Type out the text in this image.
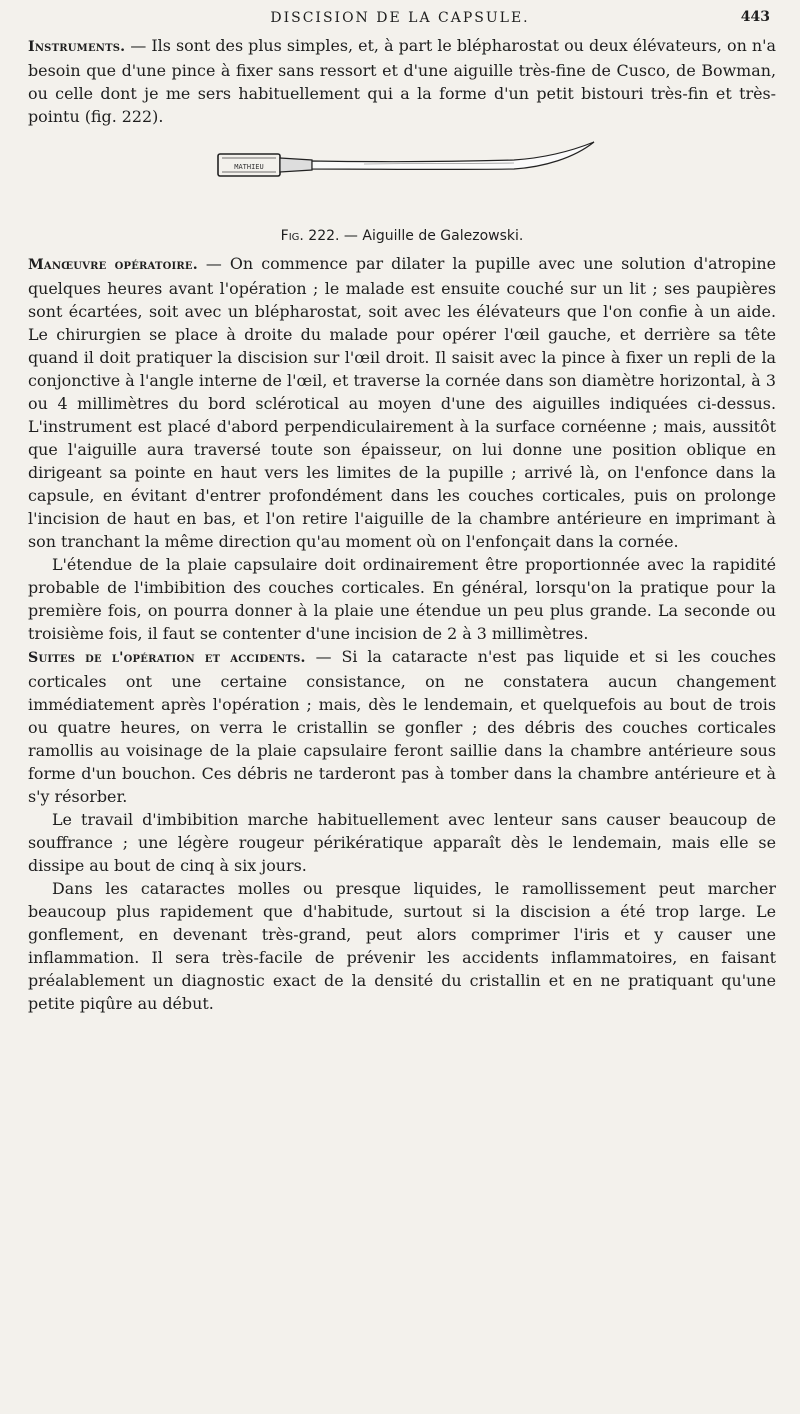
DISCISION DE LA CAPSULE.	443

Instruments. — Ils sont des plus simples, et, à part le blépharostat ou deux élévateurs, on n'a besoin que d'une pince à fixer sans ressort et d'une aiguille très-fine de Cusco, de Bowman, ou celle dont je me sers habituellement qui a la forme d'un petit bistouri très-fin et très-pointu (fig. 222).

MATHIEU
Fig. 222. — Aiguille de Galezowski.

Manœuvre opératoire. — On commence par dilater la pupille avec une solution d'atropine quelques heures avant l'opération ; le malade est ensuite couché sur un lit ; ses paupières sont écartées, soit avec un blépharostat, soit avec les élévateurs que l'on confie à un aide. Le chirurgien se place à droite du malade pour opérer l'œil gauche, et derrière sa tête quand il doit pratiquer la discision sur l'œil droit. Il saisit avec la pince à fixer un repli de la conjonctive à l'angle interne de l'œil, et traverse la cornée dans son diamètre horizontal, à 3 ou 4 millimètres du bord sclérotical au moyen d'une des aiguilles indiquées ci-dessus. L'instrument est placé d'abord perpendiculairement à la surface cornéenne ; mais, aussitôt que l'aiguille aura traversé toute son épaisseur, on lui donne une position oblique en dirigeant sa pointe en haut vers les limites de la pupille ; arrivé là, on l'enfonce dans la capsule, en évitant d'entrer profondément dans les couches corticales, puis on prolonge l'incision de haut en bas, et l'on retire l'aiguille de la chambre antérieure en imprimant à son tranchant la même direction qu'au moment où on l'enfonçait dans la cornée.

L'étendue de la plaie capsulaire doit ordinairement être proportionnée avec la rapidité probable de l'imbibition des couches corticales. En général, lorsqu'on la pratique pour la première fois, on pourra donner à la plaie une étendue un peu plus grande. La seconde ou troisième fois, il faut se contenter d'une incision de 2 à 3 millimètres.

Suites de l'opération et accidents. — Si la cataracte n'est pas liquide et si les couches corticales ont une certaine consistance, on ne constatera aucun changement immédiatement après l'opération ; mais, dès le lendemain, et quelquefois au bout de trois ou quatre heures, on verra le cristallin se gonfler ; des débris des couches corticales ramollis au voisinage de la plaie capsulaire feront saillie dans la chambre antérieure sous forme d'un bouchon. Ces débris ne tarderont pas à tomber dans la chambre antérieure et à s'y résorber.

Le travail d'imbibition marche habituellement avec lenteur sans causer beaucoup de souffrance ; une légère rougeur périkératique apparaît dès le lendemain, mais elle se dissipe au bout de cinq à six jours.

Dans les cataractes molles ou presque liquides, le ramollissement peut marcher beaucoup plus rapidement que d'habitude, surtout si la discision a été trop large. Le gonflement, en devenant très-grand, peut alors comprimer l'iris et y causer une inflammation. Il sera très-facile de prévenir les accidents inflammatoires, en faisant préalablement un diagnostic exact de la densité du cristallin et en ne pratiquant qu'une petite piqûre au début.
